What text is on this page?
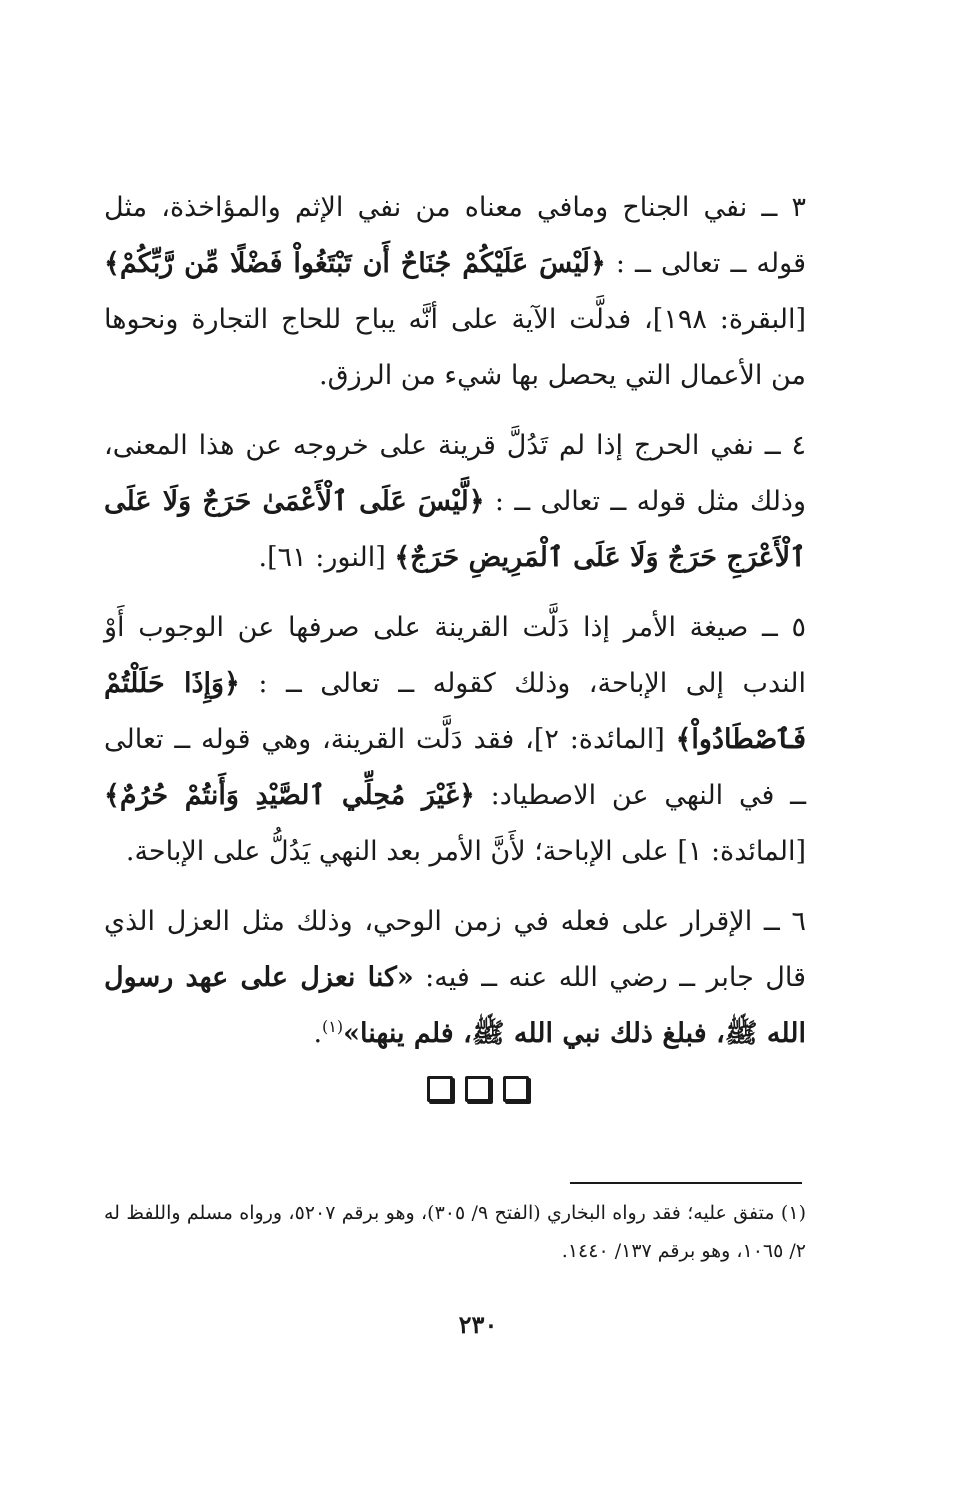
٣ ــ نفي الجناح ومافي معناه من نفي الإثم والمؤاخذة، مثل قوله ــ تعالى ــ : ﴿لَيْسَ عَلَيْكُمْ جُنَاحٌ أَن تَبْتَغُواْ فَضْلًا مِّن رَّبِّكُمْ﴾ [البقرة: ١٩٨]، فدلَّت الآية على أنَّه يباح للحاج التجارة ونحوها من الأعمال التي يحصل بها شيء من الرزق.

٤ ــ نفي الحرج إذا لم تَدُلَّ قرينة على خروجه عن هذا المعنى، وذلك مثل قوله ــ تعالى ــ : ﴿لَّيْسَ عَلَى ٱلْأَعْمَىٰ حَرَجٌ وَلَا عَلَى ٱلْأَعْرَجِ حَرَجٌ وَلَا عَلَى ٱلْمَرِيضِ حَرَجٌ﴾ [النور: ٦١].

٥ ــ صيغة الأمر إذا دَلَّت القرينة على صرفها عن الوجوب أَوْ الندب إلى الإباحة، وذلك كقوله ــ تعالى ــ : ﴿وَإِذَا حَلَلْتُمْ فَٱصْطَادُواْ﴾ [المائدة: ٢]، فقد دَلَّت القرينة، وهي قوله ــ تعالى ــ في النهي عن الاصطياد: ﴿غَيْرَ مُحِلِّي ٱلصَّيْدِ وَأَنتُمْ حُرُمٌ﴾ [المائدة: ١] على الإباحة؛ لأَنَّ الأمر بعد النهي يَدُلُّ على الإباحة.

٦ ــ الإقرار على فعله في زمن الوحي، وذلك مثل العزل الذي قال جابر ــ رضي الله عنه ــ فيه: «كنا نعزل على عهد رسول الله ﷺ، فبلغ ذلك نبي الله ﷺ، فلم ينهنا»$^{(١)}$.

(١) متفق عليه؛ فقد رواه البخاري (الفتح ٩/ ٣٠٥)، وهو برقم ٥٢٠٧، ورواه مسلم واللفظ له ٢/ ١٠٦٥، وهو برقم ١٣٧/ ١٤٤٠.
٢٣٠
